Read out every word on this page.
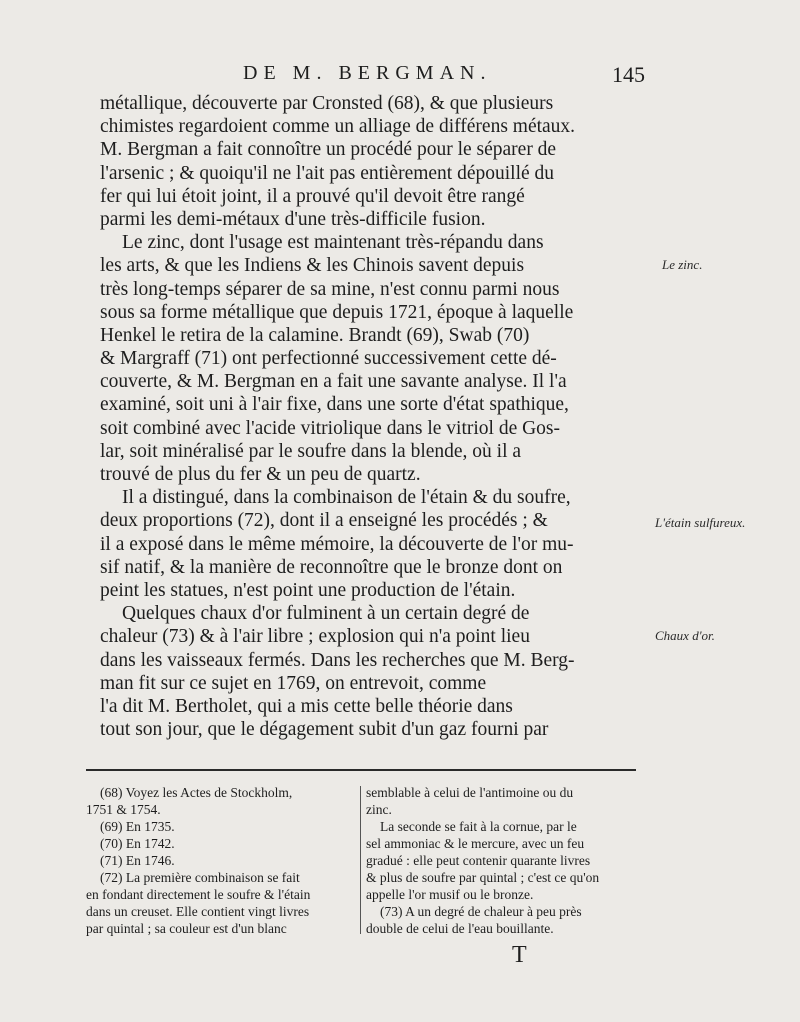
DE M. BERGMAN.	145
métallique, découverte par Cronsted (68), & que plusieurs
chimistes regardoient comme un alliage de différens métaux.
M. Bergman a fait connoître un procédé pour le séparer de
l'arsenic ; & quoiqu'il ne l'ait pas entièrement dépouillé du
fer qui lui étoit joint, il a prouvé qu'il devoit être rangé
parmi les demi-métaux d'une très-difficile fusion.
Le zinc, dont l'usage est maintenant très-répandu dans
les arts, & que les Indiens & les Chinois savent depuis
très long-temps séparer de sa mine, n'est connu parmi nous
sous sa forme métallique que depuis 1721, époque à laquelle
Henkel le retira de la calamine. Brandt (69), Swab (70)
& Margraff (71) ont perfectionné successivement cette dé-
couverte, & M. Bergman en a fait une savante analyse. Il l'a
examiné, soit uni à l'air fixe, dans une sorte d'état spathique,
soit combiné avec l'acide vitriolique dans le vitriol de Gos-
lar, soit minéralisé par le soufre dans la blende, où il a
trouvé de plus du fer & un peu de quartz.
Il a distingué, dans la combinaison de l'étain & du soufre,
deux proportions (72), dont il a enseigné les procédés ; &
il a exposé dans le même mémoire, la découverte de l'or mu-
sif natif, & la manière de reconnoître que le bronze dont on
peint les statues, n'est point une production de l'étain.
Quelques chaux d'or fulminent à un certain degré de
chaleur (73) & à l'air libre ; explosion qui n'a point lieu
dans les vaisseaux fermés. Dans les recherches que M. Berg-
man fit sur ce sujet en 1769, on entrevoit, comme
l'a dit M. Bertholet, qui a mis cette belle théorie dans
tout son jour, que le dégagement subit d'un gaz fourni par
Le zinc.
L'étain sulfureux.
Chaux d'or.
(68) Voyez les Actes de Stockholm,
1751 & 1754.
(69) En 1735.
(70) En 1742.
(71) En 1746.
(72) La première combinaison se fait
en fondant directement le soufre & l'étain
dans un creuset. Elle contient vingt livres
par quintal ; sa couleur est d'un blanc
semblable à celui de l'antimoine ou du
zinc.
La seconde se fait à la cornue, par le
sel ammoniac & le mercure, avec un feu
gradué : elle peut contenir quarante livres
& plus de soufre par quintal ; c'est ce qu'on
appelle l'or musif ou le bronze.
(73) A un degré de chaleur à peu près
double de celui de l'eau bouillante.
T
